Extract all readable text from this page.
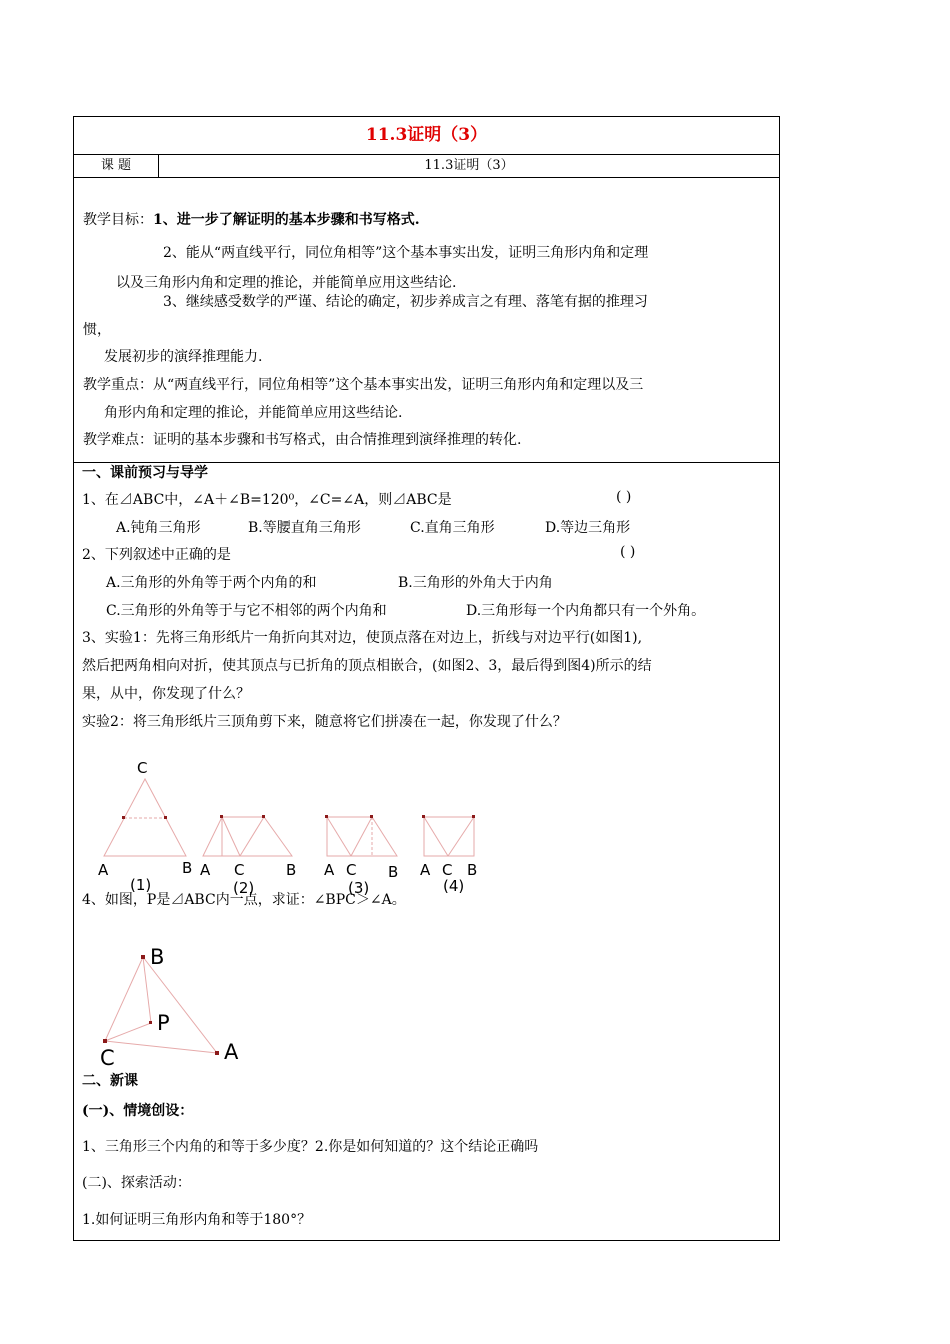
11.3证明（3）
课 题	11.3证明（3）
教学目标：1、进一步了解证明的基本步骤和书写格式.
2、能从“两直线平行，同位角相等”这个基本事实出发，证明三角形内角和定理
以及三角形内角和定理的推论，并能简单应用这些结论.
3、继续感受数学的严谨、结论的确定，初步养成言之有理、落笔有据的推理习
惯，
发展初步的演绎推理能力.
教学重点：从“两直线平行，同位角相等”这个基本事实出发，证明三角形内角和定理以及三
角形内角和定理的推论，并能简单应用这些结论.
教学难点：证明的基本步骤和书写格式，由合情推理到演绎推理的转化.
一、课前预习与导学
1、在⊿ABC中，∠A＋∠B=120⁰，∠C=∠A，则⊿ABC是	( )
A.钝角三角形	B.等腰直角三角形	C.直角三角形	D.等边三角形
2、下列叙述中正确的是	( )
A.三角形的外角等于两个内角的和	B.三角形的外角大于内角
C.三角形的外角等于与它不相邻的两个内角和	D.三角形每一个内角都只有一个外角。
3、实验1：先将三角形纸片一角折向其对边，使顶点落在对边上，折线与对边平行(如图1),
然后把两角相向对折，使其顶点与已折角的顶点相嵌合，(如图2、3，最后得到图4)所示的结
果，从中，你发现了什么？
实验2：将三角形纸片三顶角剪下来，随意将它们拼凑在一起，你发现了什么？
C
A	B
(1)
A C	B
(2)
A C B
(3)
A C B
(4)
4、如图，P是⊿ABC内一点，求证：∠BPC＞∠A。
B
P
C	A
二、新课
(一)、情境创设：
1、三角形三个内角的和等于多少度？2.你是如何知道的？这个结论正确吗
(二)、探索活动：
1.如何证明三角形内角和等于180°？
